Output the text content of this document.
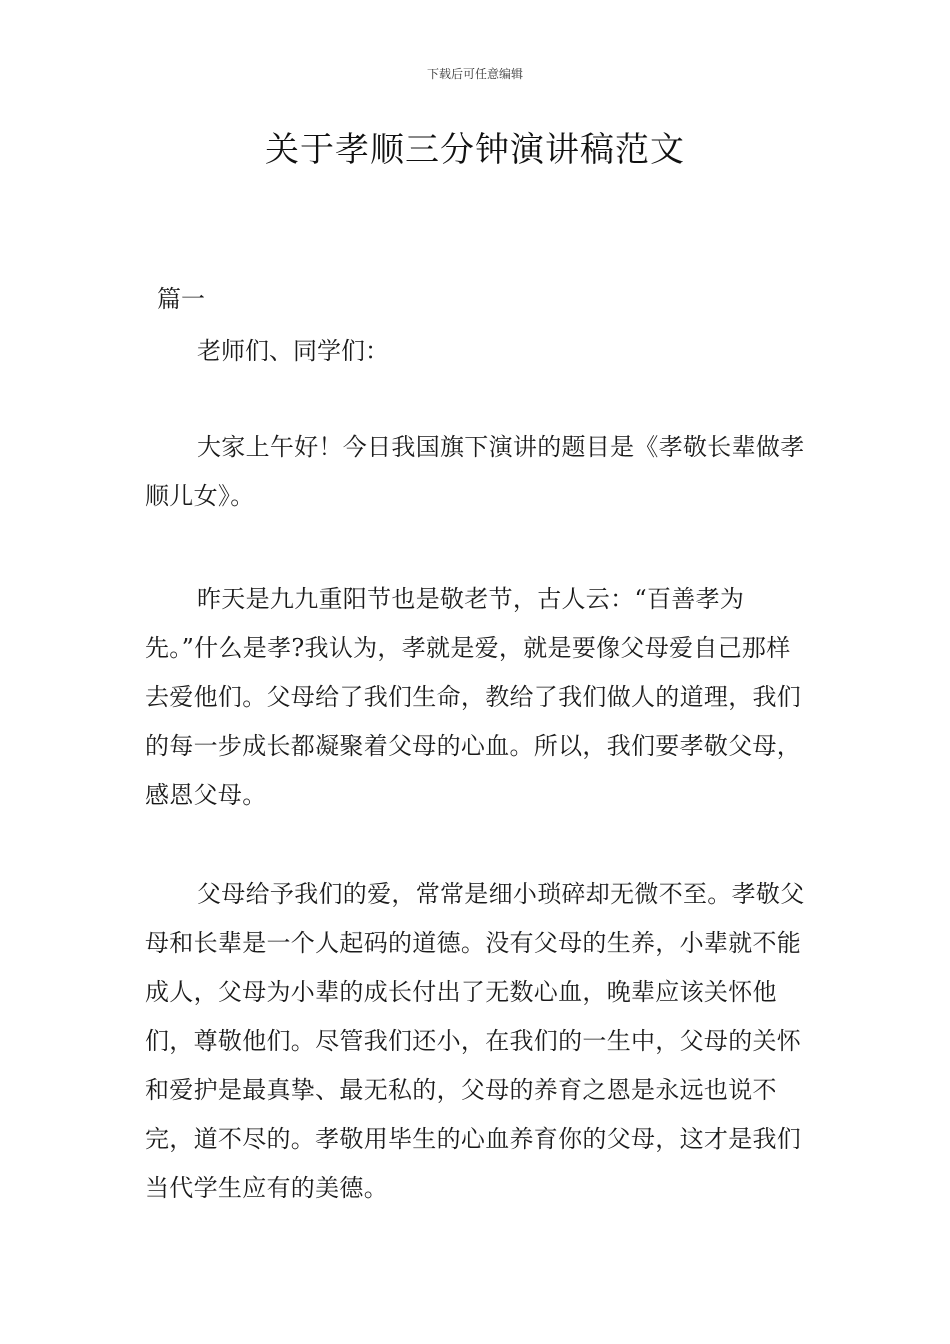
下载后可任意编辑
关于孝顺三分钟演讲稿范文
篇一
老师们、同学们：

大家上午好！今日我国旗下演讲的题目是《孝敬长辈做孝顺儿女》。

昨天是九九重阳节也是敬老节，古人云：“百善孝为先。”什么是孝?我认为，孝就是爱，就是要像父母爱自己那样去爱他们。父母给了我们生命，教给了我们做人的道理，我们的每一步成长都凝聚着父母的心血。所以，我们要孝敬父母，感恩父母。

父母给予我们的爱，常常是细小琐碎却无微不至。孝敬父母和长辈是一个人起码的道德。没有父母的生养，小辈就不能成人，父母为小辈的成长付出了无数心血，晚辈应该关怀他们，尊敬他们。尽管我们还小，在我们的一生中，父母的关怀和爱护是最真挚、最无私的，父母的养育之恩是永远也说不完，道不尽的。孝敬用毕生的心血养育你的父母，这才是我们当代学生应有的美德。
